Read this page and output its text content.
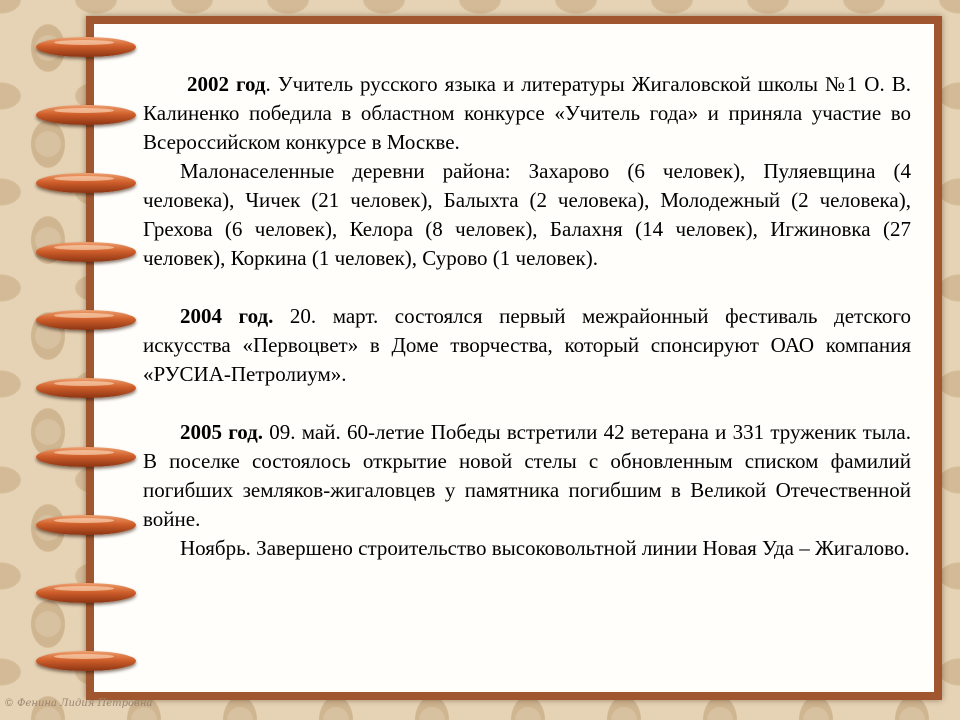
2002 год. Учитель русского языка и литературы Жигаловской школы №1 О. В. Калиненко победила в областном конкурсе «Учитель года» и приняла участие во Всероссийском конкурсе в Москве.

Малонаселенные деревни района: Захарово (6 человек), Пуляевщина (4 человека), Чичек (21 человек), Балыхта (2 человека), Молодежный (2 человека), Грехова (6 человек), Келора (8 человек), Балахня (14 человек), Игжиновка (27 человек), Коркина (1 человек), Сурово (1 человек).

2004 год. 20. март. состоялся первый межрайонный фестиваль детского искусства «Первоцвет» в Доме творчества, который спонсируют ОАО компания «РУСИА-Петролиум».

2005 год. 09. май. 60-летие Победы встретили 42 ветерана и 331 труженик тыла. В поселке состоялось открытие новой стелы с обновленным списком фамилий погибших земляков-жигаловцев у памятника погибшим в Великой Отечественной войне.

Ноябрь. Завершено строительство высоковольтной линии Новая Уда – Жигалово.

© Фенина Лидия Петровна
